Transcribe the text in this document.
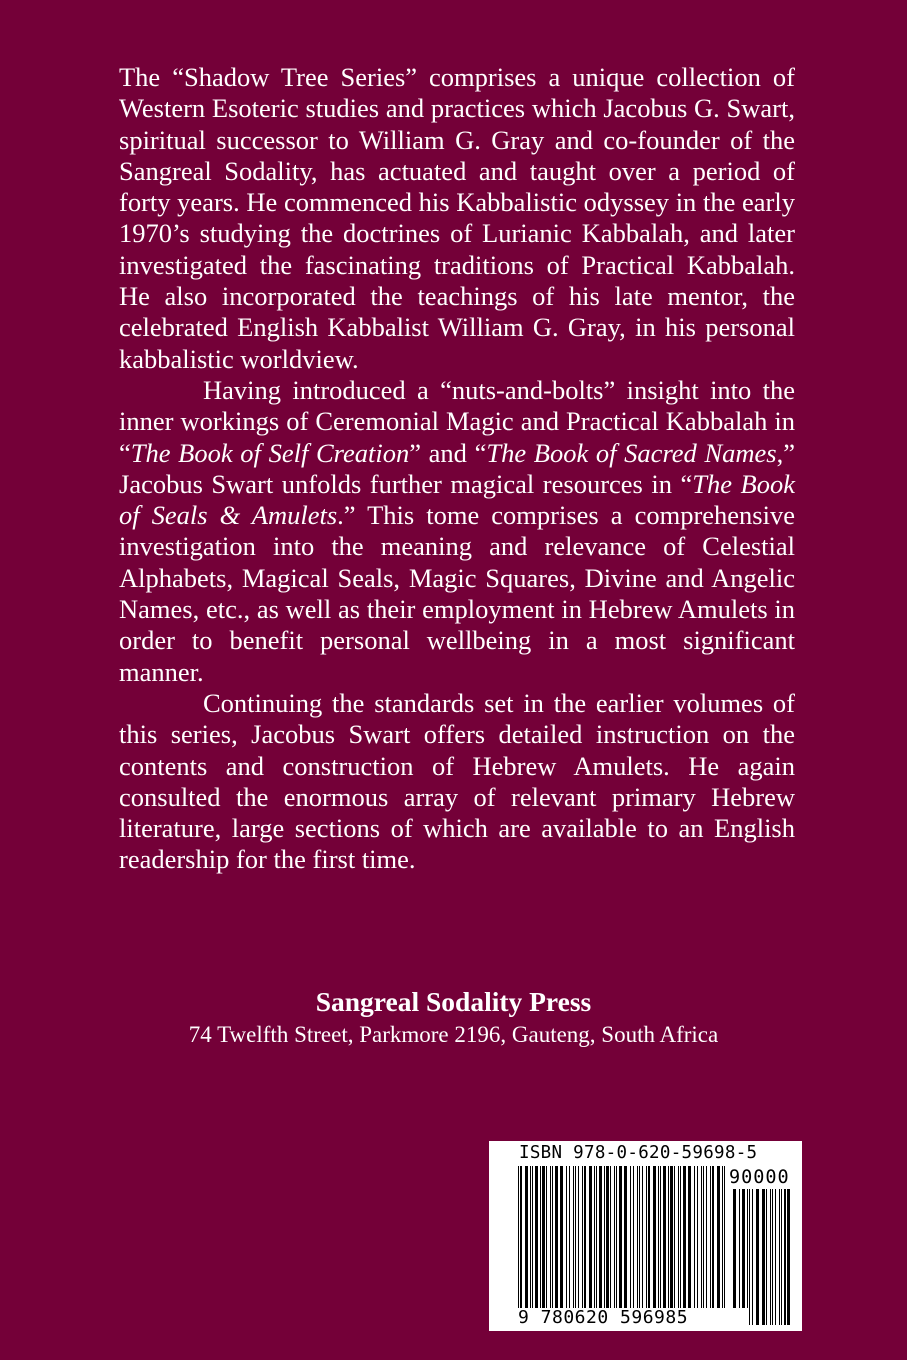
The “Shadow Tree Series” comprises a unique collection of Western Esoteric studies and practices which Jacobus G. Swart, spiritual successor to William G. Gray and co-founder of the Sangreal Sodality, has actuated and taught over a period of forty years. He commenced his Kabbalistic odyssey in the early 1970’s studying the doctrines of Lurianic Kabbalah, and later investigated the fascinating traditions of Practical Kabbalah. He also incorporated the teachings of his late mentor, the celebrated English Kabbalist William G. Gray, in his personal kabbalistic worldview.

Having introduced a “nuts-and-bolts” insight into the inner workings of Ceremonial Magic and Practical Kabbalah in “The Book of Self Creation” and “The Book of Sacred Names,” Jacobus Swart unfolds further magical resources in “The Book of Seals & Amulets.” This tome comprises a comprehensive investigation into the meaning and relevance of Celestial Alphabets, Magical Seals, Magic Squares, Divine and Angelic Names, etc., as well as their employment in Hebrew Amulets in order to benefit personal wellbeing in a most significant manner.

Continuing the standards set in the earlier volumes of this series, Jacobus Swart offers detailed instruction on the contents and construction of Hebrew Amulets. He again consulted the enormous array of relevant primary Hebrew literature, large sections of which are available to an English readership for the first time.

Sangreal Sodality Press
74 Twelfth Street, Parkmore 2196, Gauteng, South Africa
ISBN 978-0-620-59698-5
90000
9 780620 596985
